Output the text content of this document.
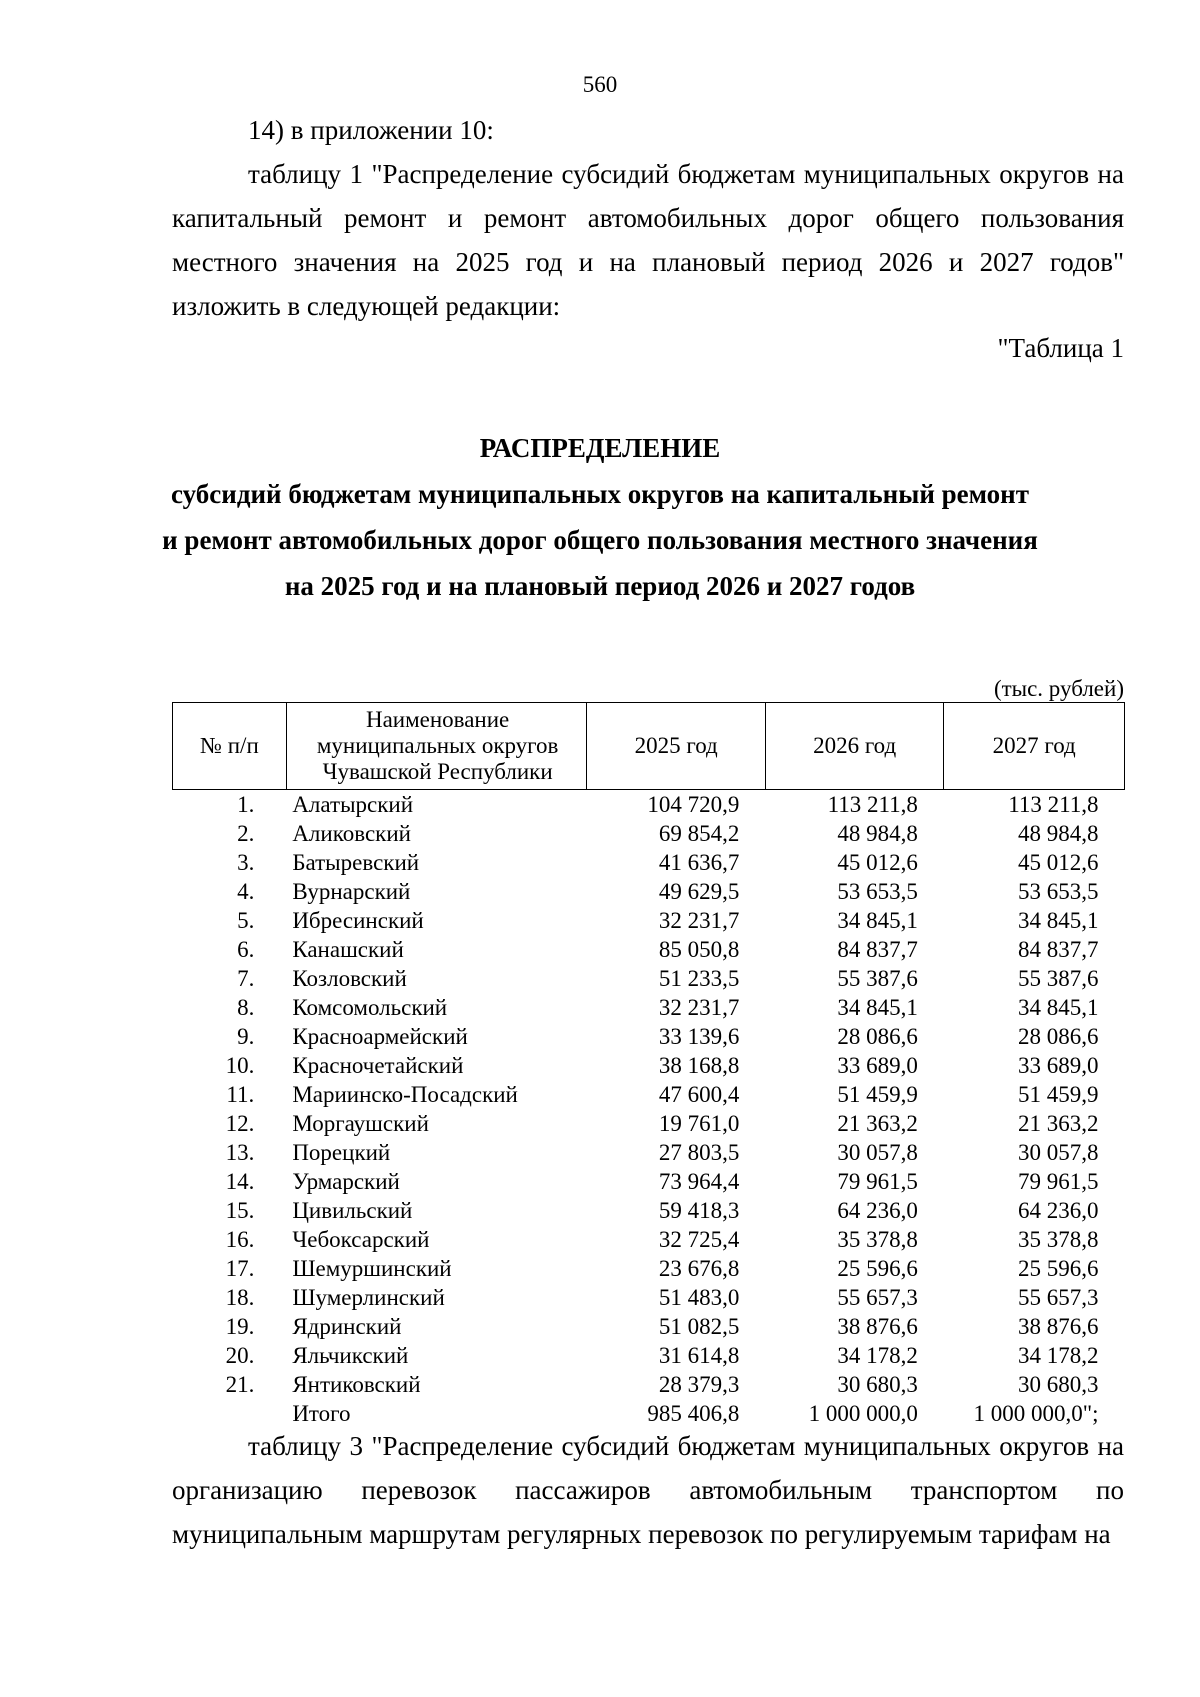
560
14) в приложении 10:
таблицу 1 "Распределение субсидий бюджетам муниципальных округов на капитальный ремонт и ремонт автомобильных дорог общего пользования местного значения на 2025 год и на плановый период 2026 и 2027 годов" изложить в следующей редакции:
"Таблица 1
РАСПРЕДЕЛЕНИЕ
субсидий бюджетам муниципальных округов на капитальный ремонт
и ремонт автомобильных дорог общего пользования местного значения
на 2025 год и на плановый период 2026 и 2027 годов
(тыс. рублей)
№ п/п	Наименование муниципальных округов Чувашской Республики	2025 год	2026 год	2027 год
1.	Алатырский	104 720,9	113 211,8	113 211,8
2.	Аликовский	69 854,2	48 984,8	48 984,8
3.	Батыревский	41 636,7	45 012,6	45 012,6
4.	Вурнарский	49 629,5	53 653,5	53 653,5
5.	Ибресинский	32 231,7	34 845,1	34 845,1
6.	Канашский	85 050,8	84 837,7	84 837,7
7.	Козловский	51 233,5	55 387,6	55 387,6
8.	Комсомольский	32 231,7	34 845,1	34 845,1
9.	Красноармейский	33 139,6	28 086,6	28 086,6
10.	Красночетайский	38 168,8	33 689,0	33 689,0
11.	Мариинско-Посадский	47 600,4	51 459,9	51 459,9
12.	Моргаушский	19 761,0	21 363,2	21 363,2
13.	Порецкий	27 803,5	30 057,8	30 057,8
14.	Урмарский	73 964,4	79 961,5	79 961,5
15.	Цивильский	59 418,3	64 236,0	64 236,0
16.	Чебоксарский	32 725,4	35 378,8	35 378,8
17.	Шемуршинский	23 676,8	25 596,6	25 596,6
18.	Шумерлинский	51 483,0	55 657,3	55 657,3
19.	Ядринский	51 082,5	38 876,6	38 876,6
20.	Яльчикский	31 614,8	34 178,2	34 178,2
21.	Янтиковский	28 379,3	30 680,3	30 680,3
	Итого	985 406,8	1 000 000,0	1 000 000,0";
таблицу 3 "Распределение субсидий бюджетам муниципальных округов на организацию перевозок пассажиров автомобильным транспортом по муниципальным маршрутам регулярных перевозок по регулируемым тарифам на
